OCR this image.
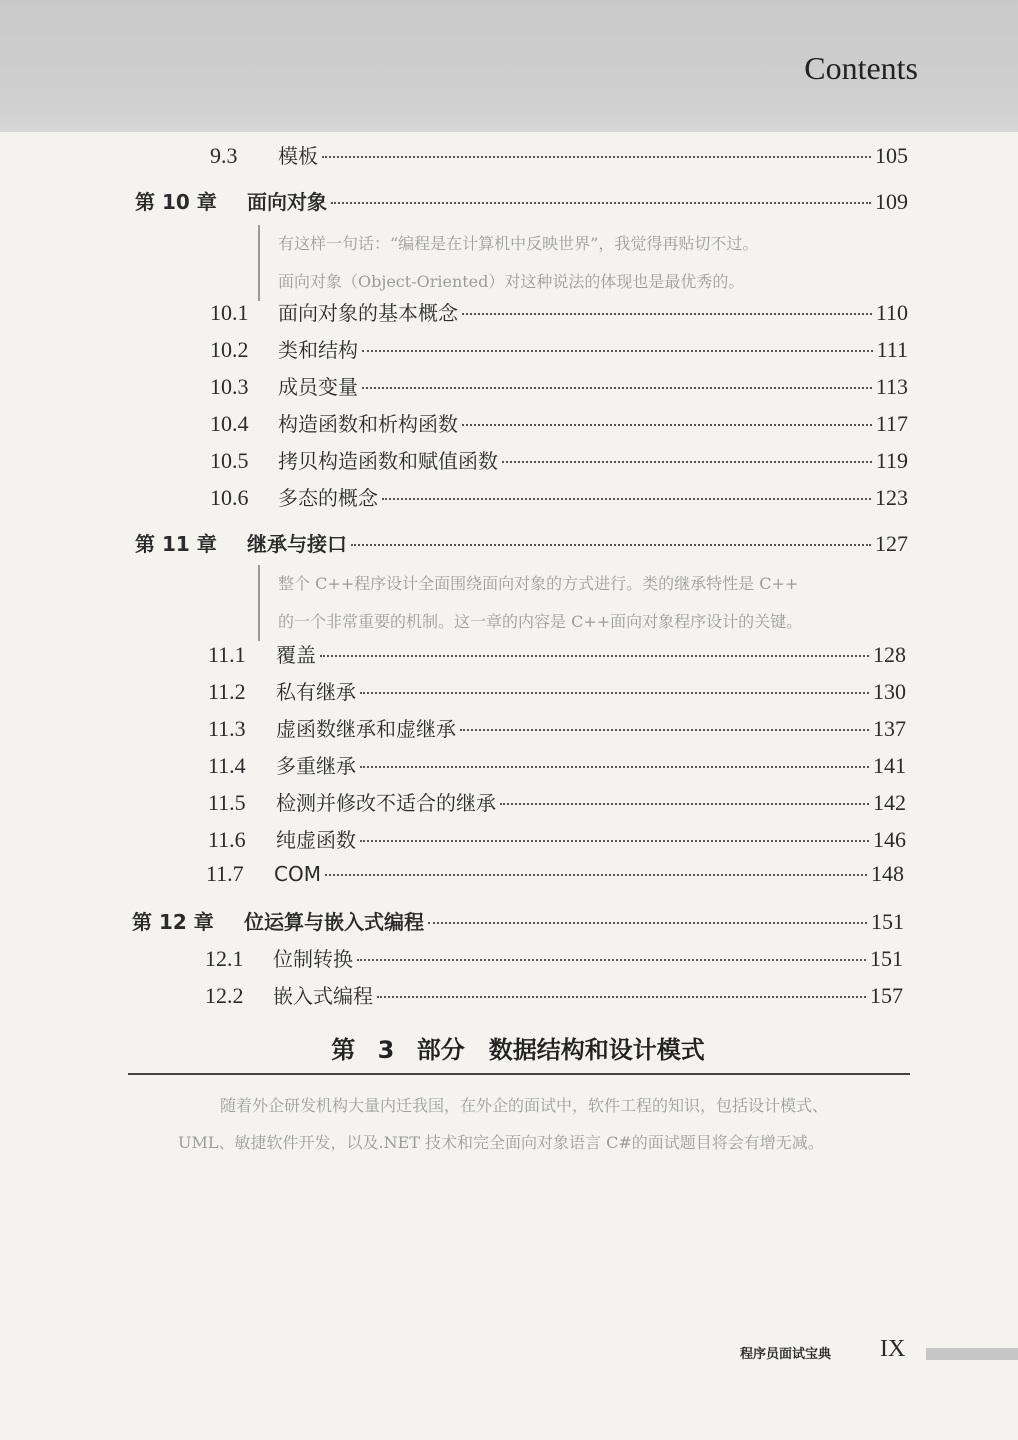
Contents
9.3	模板	105
第 10 章	面向对象	109
有这样一句话：“编程是在计算机中反映世界”，我觉得再贴切不过。
面向对象（Object-Oriented）对这种说法的体现也是最优秀的。
10.1	面向对象的基本概念	110
10.2	类和结构	111
10.3	成员变量	113
10.4	构造函数和析构函数	117
10.5	拷贝构造函数和赋值函数	119
10.6	多态的概念	123
第 11 章	继承与接口	127
整个 C++程序设计全面围绕面向对象的方式进行。类的继承特性是 C++
的一个非常重要的机制。这一章的内容是 C++面向对象程序设计的关键。
11.1	覆盖	128
11.2	私有继承	130
11.3	虚函数继承和虚继承	137
11.4	多重继承	141
11.5	检测并修改不适合的继承	142
11.6	纯虚函数	146
11.7	COM	148
第 12 章	位运算与嵌入式编程	151
12.1	位制转换	151
12.2	嵌入式编程	157
第 3 部分　数据结构和设计模式
随着外企研发机构大量内迁我国，在外企的面试中，软件工程的知识，包括设计模式、UML、敏捷软件开发，以及.NET 技术和完全面向对象语言 C#的面试题目将会有增无减。
程序员面试宝典 IX
